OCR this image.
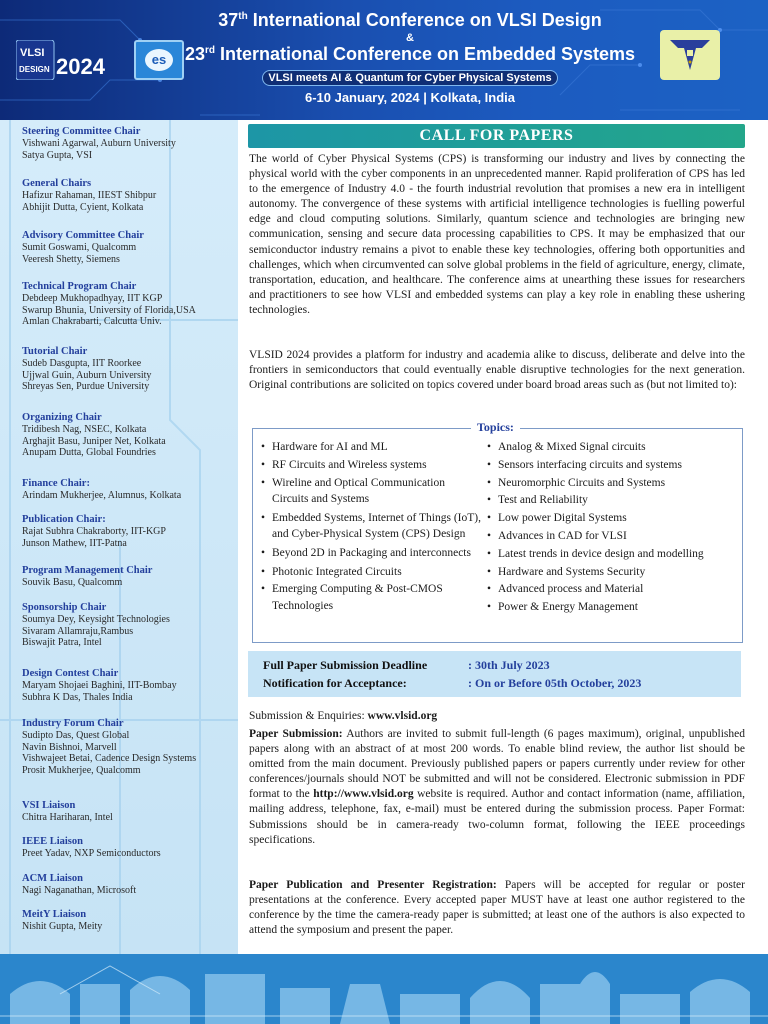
VLSI
DESIGN 2024	es
37th International Conference on VLSI Design
&
23rd International Conference on Embedded Systems
VLSI meets AI & Quantum for Cyber Physical Systems
6-10 January, 2024 | Kolkata, India
Steering Committee Chair
Vishwani Agarwal, Auburn University
Satya Gupta, VSI
General Chairs
Hafizur Rahaman, IIEST Shibpur
Abhijit Dutta, Cyient, Kolkata
Advisory Committee Chair
Sumit Goswami, Qualcomm
Veeresh Shetty, Siemens
Technical Program Chair
Debdeep Mukhopadhyay, IIT KGP
Swarup Bhunia, University of Florida,USA
Amlan Chakrabarti, Calcutta Univ.
Tutorial Chair
Sudeb Dasgupta, IIT Roorkee
Ujjwal Guin, Auburn University
Shreyas Sen, Purdue University
Organizing Chair
Tridibesh Nag, NSEC, Kolkata
Arghajit Basu, Juniper Net, Kolkata
Anupam Dutta, Global Foundries
Finance Chair:
Arindam Mukherjee, Alumnus, Kolkata
Publication Chair:
Rajat Subhra Chakraborty, IIT-KGP
Junson Mathew, IIT-Patna
Program Management Chair
Souvik Basu, Qualcomm
Sponsorship Chair
Soumya Dey, Keysight Technologies
Sivaram Allamraju,Rambus
Biswajit Patra, Intel
Design Contest Chair
Maryam Shojaei Baghini, IIT-Bombay
Subhra K Das, Thales India
Industry Forum Chair
Sudipto Das, Quest Global
Navin Bishnoi, Marvell
Vishwajeet Betai, Cadence Design Systems
Prosit Mukherjee, Qualcomm
VSI Liaison
Chitra Hariharan, Intel
IEEE Liaison
Preet Yadav, NXP Semiconductors
ACM Liaison
Nagi Naganathan, Microsoft
MeitY Liaison
Nishit Gupta, Meity
CALL FOR PAPERS
The world of Cyber Physical Systems (CPS) is transforming our industry and lives by connecting the physical world with the cyber components in an unprecedented manner. Rapid proliferation of CPS has led to the emergence of Industry 4.0 - the fourth industrial revolution that promises a new era in intelligent autonomy. The convergence of these systems with artificial intelligence technologies is fuelling powerful edge and cloud computing solutions. Similarly, quantum science and technologies are bringing new communication, sensing and secure data processing capabilities to CPS. It may be emphasized that our semiconductor industry remains a pivot to enable these key technologies, offering both opportunities and challenges, which when circumvented can solve global problems in the field of agriculture, energy, climate, transportation, education, and healthcare. The conference aims at unearthing these issues for researchers and practitioners to see how VLSI and embedded systems can play a key role in enabling these ushering technologies.
VLSID 2024 provides a platform for industry and academia alike to discuss, deliberate and delve into the frontiers in semiconductors that could eventually enable disruptive technologies for the next generation. Original contributions are solicited on topics covered under board broad areas such as (but not limited to):
Topics:
• Hardware for AI and ML
• RF Circuits and Wireless systems
• Wireline and Optical Communication Circuits and Systems
• Embedded Systems, Internet of Things (IoT), and Cyber-Physical System (CPS) Design
• Beyond 2D in Packaging and interconnects
• Photonic Integrated Circuits
• Emerging Computing & Post-CMOS Technologies
• Analog & Mixed Signal circuits
• Sensors interfacing circuits and systems
• Neuromorphic Circuits and Systems
• Test and Reliability
• Low power Digital Systems
• Advances in CAD for VLSI
• Latest trends in device design and modelling
• Hardware and Systems Security
• Advanced process and Material
• Power & Energy Management
Full Paper Submission Deadline	: 30th July 2023
Notification for Acceptance:	: On or Before 05th October, 2023
Submission & Enquiries: www.vlsid.org
Paper Submission: Authors are invited to submit full-length (6 pages maximum), original, unpublished papers along with an abstract of at most 200 words. To enable blind review, the author list should be omitted from the main document. Previously published papers or papers currently under review for other conferences/journals should NOT be submitted and will not be considered. Electronic submission in PDF format to the http://www.vlsid.org website is required. Author and contact information (name, affiliation, mailing address, telephone, fax, e-mail) must be entered during the submission process. Paper Format: Submissions should be in camera-ready two-column format, following the IEEE proceedings specifications.
Paper Publication and Presenter Registration: Papers will be accepted for regular or poster presentations at the conference. Every accepted paper MUST have at least one author registered to the conference by the time the camera-ready paper is submitted; at least one of the authors is also expected to attend the symposium and present the paper.
